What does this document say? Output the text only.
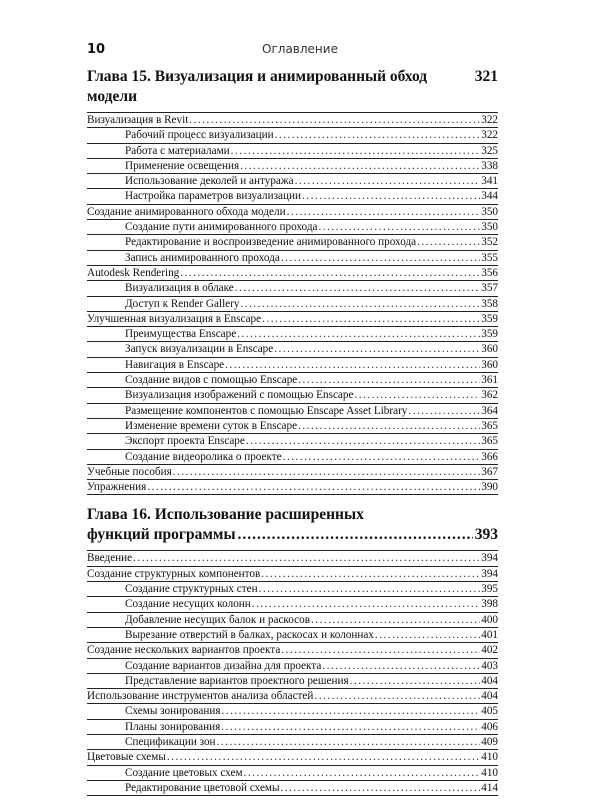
10	Оглавление
Глава 15. Визуализация и анимированный обход модели
321
Визуализация в Revit .....	322
Рабочий процесс визуализации .....	322
Работа с материалами .....	325
Применение освещения .....	338
Использование деколей и антуража .....	341
Настройка параметров визуализации .....	344
Создание анимированного обхода модели .....	350
Создание пути анимированного прохода .....	350
Редактирование и воспроизведение анимированного прохода .....	352
Запись анимированного прохода .....	355
Autodesk Rendering .....	356
Визуализация в облаке .....	357
Доступ к Render Gallery .....	358
Улучшенная визуализация в Enscape .....	359
Преимущества Enscape .....	359
Запуск визуализации в Enscape .....	360
Навигация в Enscape .....	360
Создание видов с помощью Enscape .....	361
Визуализация изображений с помощью Enscape .....	362
Размещение компонентов с помощью Enscape Asset Library .....	364
Изменение времени суток в Enscape .....	365
Экспорт проекта Enscape .....	365
Создание видеоролика о проекте .....	366
Учебные пособия .....	367
Упражнения .....	390
Глава 16. Использование расширенных
функций программы .....	393
Введение .....	394
Создание структурных компонентов .....	394
Создание структурных стен .....	395
Создание несущих колонн .....	398
Добавление несущих балок и раскосов .....	400
Вырезание отверстий в балках, раскосах и колоннах .....	401
Создание нескольких вариантов проекта .....	402
Создание вариантов дизайна для проекта .....	403
Представление вариантов проектного решения .....	404
Использование инструментов анализа областей .....	404
Схемы зонирования .....	405
Планы зонирования .....	406
Спецификации зон .....	409
Цветовые схемы .....	410
Создание цветовых схем .....	410
Редактирование цветовой схемы .....	414
